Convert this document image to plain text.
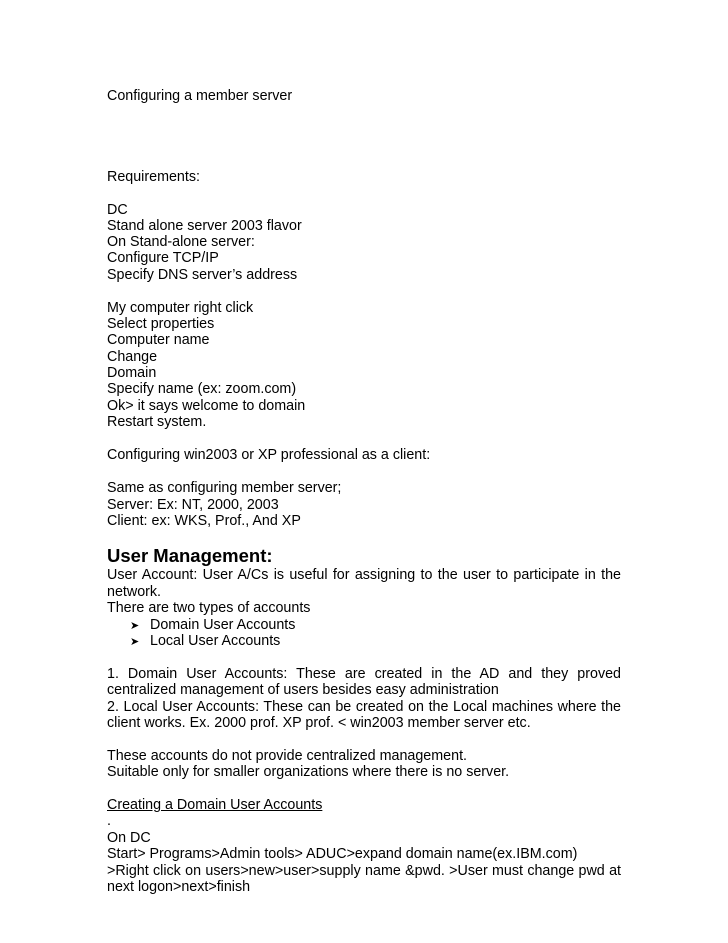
Configuring a member server

Requirements:

DC

Stand alone server 2003 flavor

On Stand-alone server:

Configure TCP/IP

Specify DNS server’s address

My computer right click

Select properties

Computer name

Change

Domain

Specify name (ex: zoom.com)

Ok> it says welcome to domain

Restart system.

Configuring win2003 or XP professional as a client:

Same as configuring member server;

Server: Ex: NT, 2000, 2003

Client: ex: WKS, Prof., And XP

User Management:

User Account: User A/Cs is useful for assigning to the user to participate in the

network.

There are two types of accounts

➤ Domain User Accounts
➤ Local User Accounts

1. Domain User Accounts: These are created in the AD and they proved

centralized management of users besides easy administration

2. Local User Accounts: These can be created on the Local machines where the

client works. Ex. 2000 prof. XP prof. < win2003 member server etc.

These accounts do not provide centralized management.

Suitable only for smaller organizations where there is no server.

Creating a Domain User Accounts

.

On DC

Start> Programs>Admin tools> ADUC>expand domain name(ex.IBM.com)

>Right click on users>new>user>supply name &pwd. >User must change pwd at

next logon>next>finish
